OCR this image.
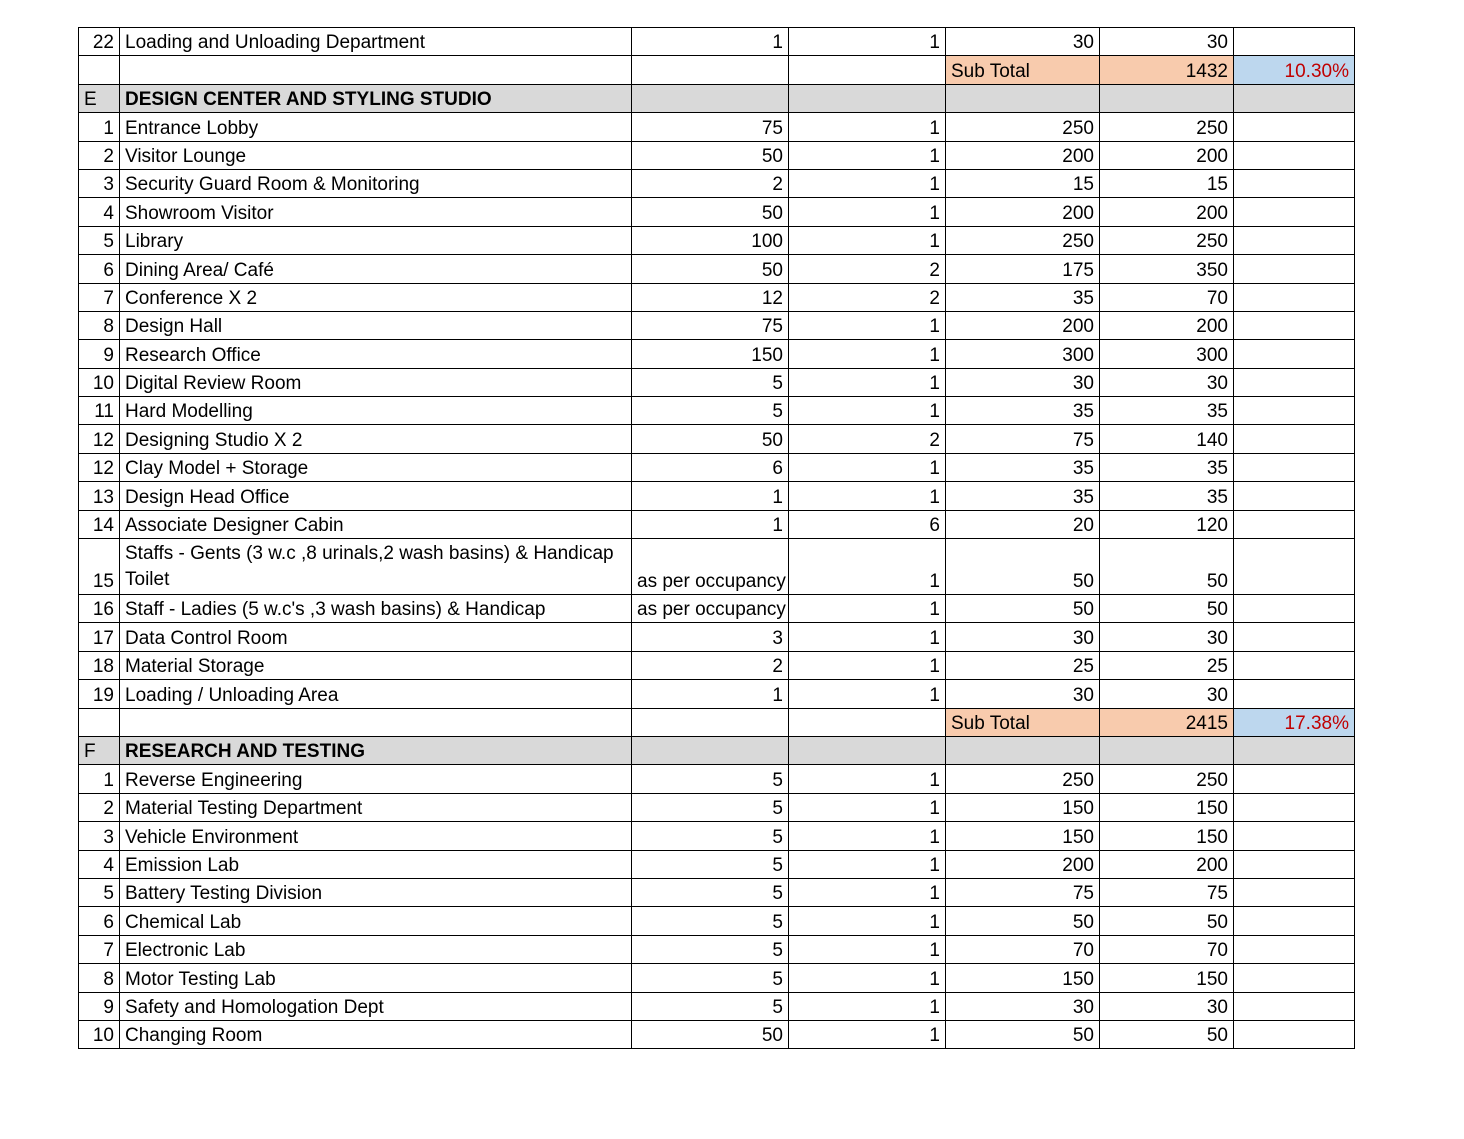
22	Loading and Unloading Department	1	1	30	30	
				Sub Total	1432	10.30%
E	DESIGN CENTER AND STYLING STUDIO					
1	Entrance Lobby	75	1	250	250	
2	Visitor Lounge	50	1	200	200	
3	Security Guard Room & Monitoring	2	1	15	15	
4	Showroom Visitor	50	1	200	200	
5	Library	100	1	250	250	
6	Dining Area/ Café	50	2	175	350	
7	Conference X 2	12	2	35	70	
8	Design Hall	75	1	200	200	
9	Research Office	150	1	300	300	
10	Digital Review Room	5	1	30	30	
11	Hard Modelling	5	1	35	35	
12	Designing Studio X 2	50	2	75	140	
12	Clay Model + Storage	6	1	35	35	
13	Design Head Office	1	1	35	35	
14	Associate Designer Cabin	1	6	20	120	
15	Staffs - Gents (3 w.c ,8 urinals,2 wash basins) & Handicap Toilet	as per occupancy	1	50	50	
16	Staff - Ladies (5 w.c's ,3 wash basins) & Handicap	as per occupancy	1	50	50	
17	Data Control Room	3	1	30	30	
18	Material Storage	2	1	25	25	
19	Loading / Unloading Area	1	1	30	30	
				Sub Total	2415	17.38%
F	RESEARCH AND TESTING					
1	Reverse Engineering	5	1	250	250	
2	Material Testing Department	5	1	150	150	
3	Vehicle Environment	5	1	150	150	
4	Emission Lab	5	1	200	200	
5	Battery Testing Division	5	1	75	75	
6	Chemical Lab	5	1	50	50	
7	Electronic Lab	5	1	70	70	
8	Motor Testing Lab	5	1	150	150	
9	Safety and Homologation Dept	5	1	30	30	
10	Changing Room	50	1	50	50	
